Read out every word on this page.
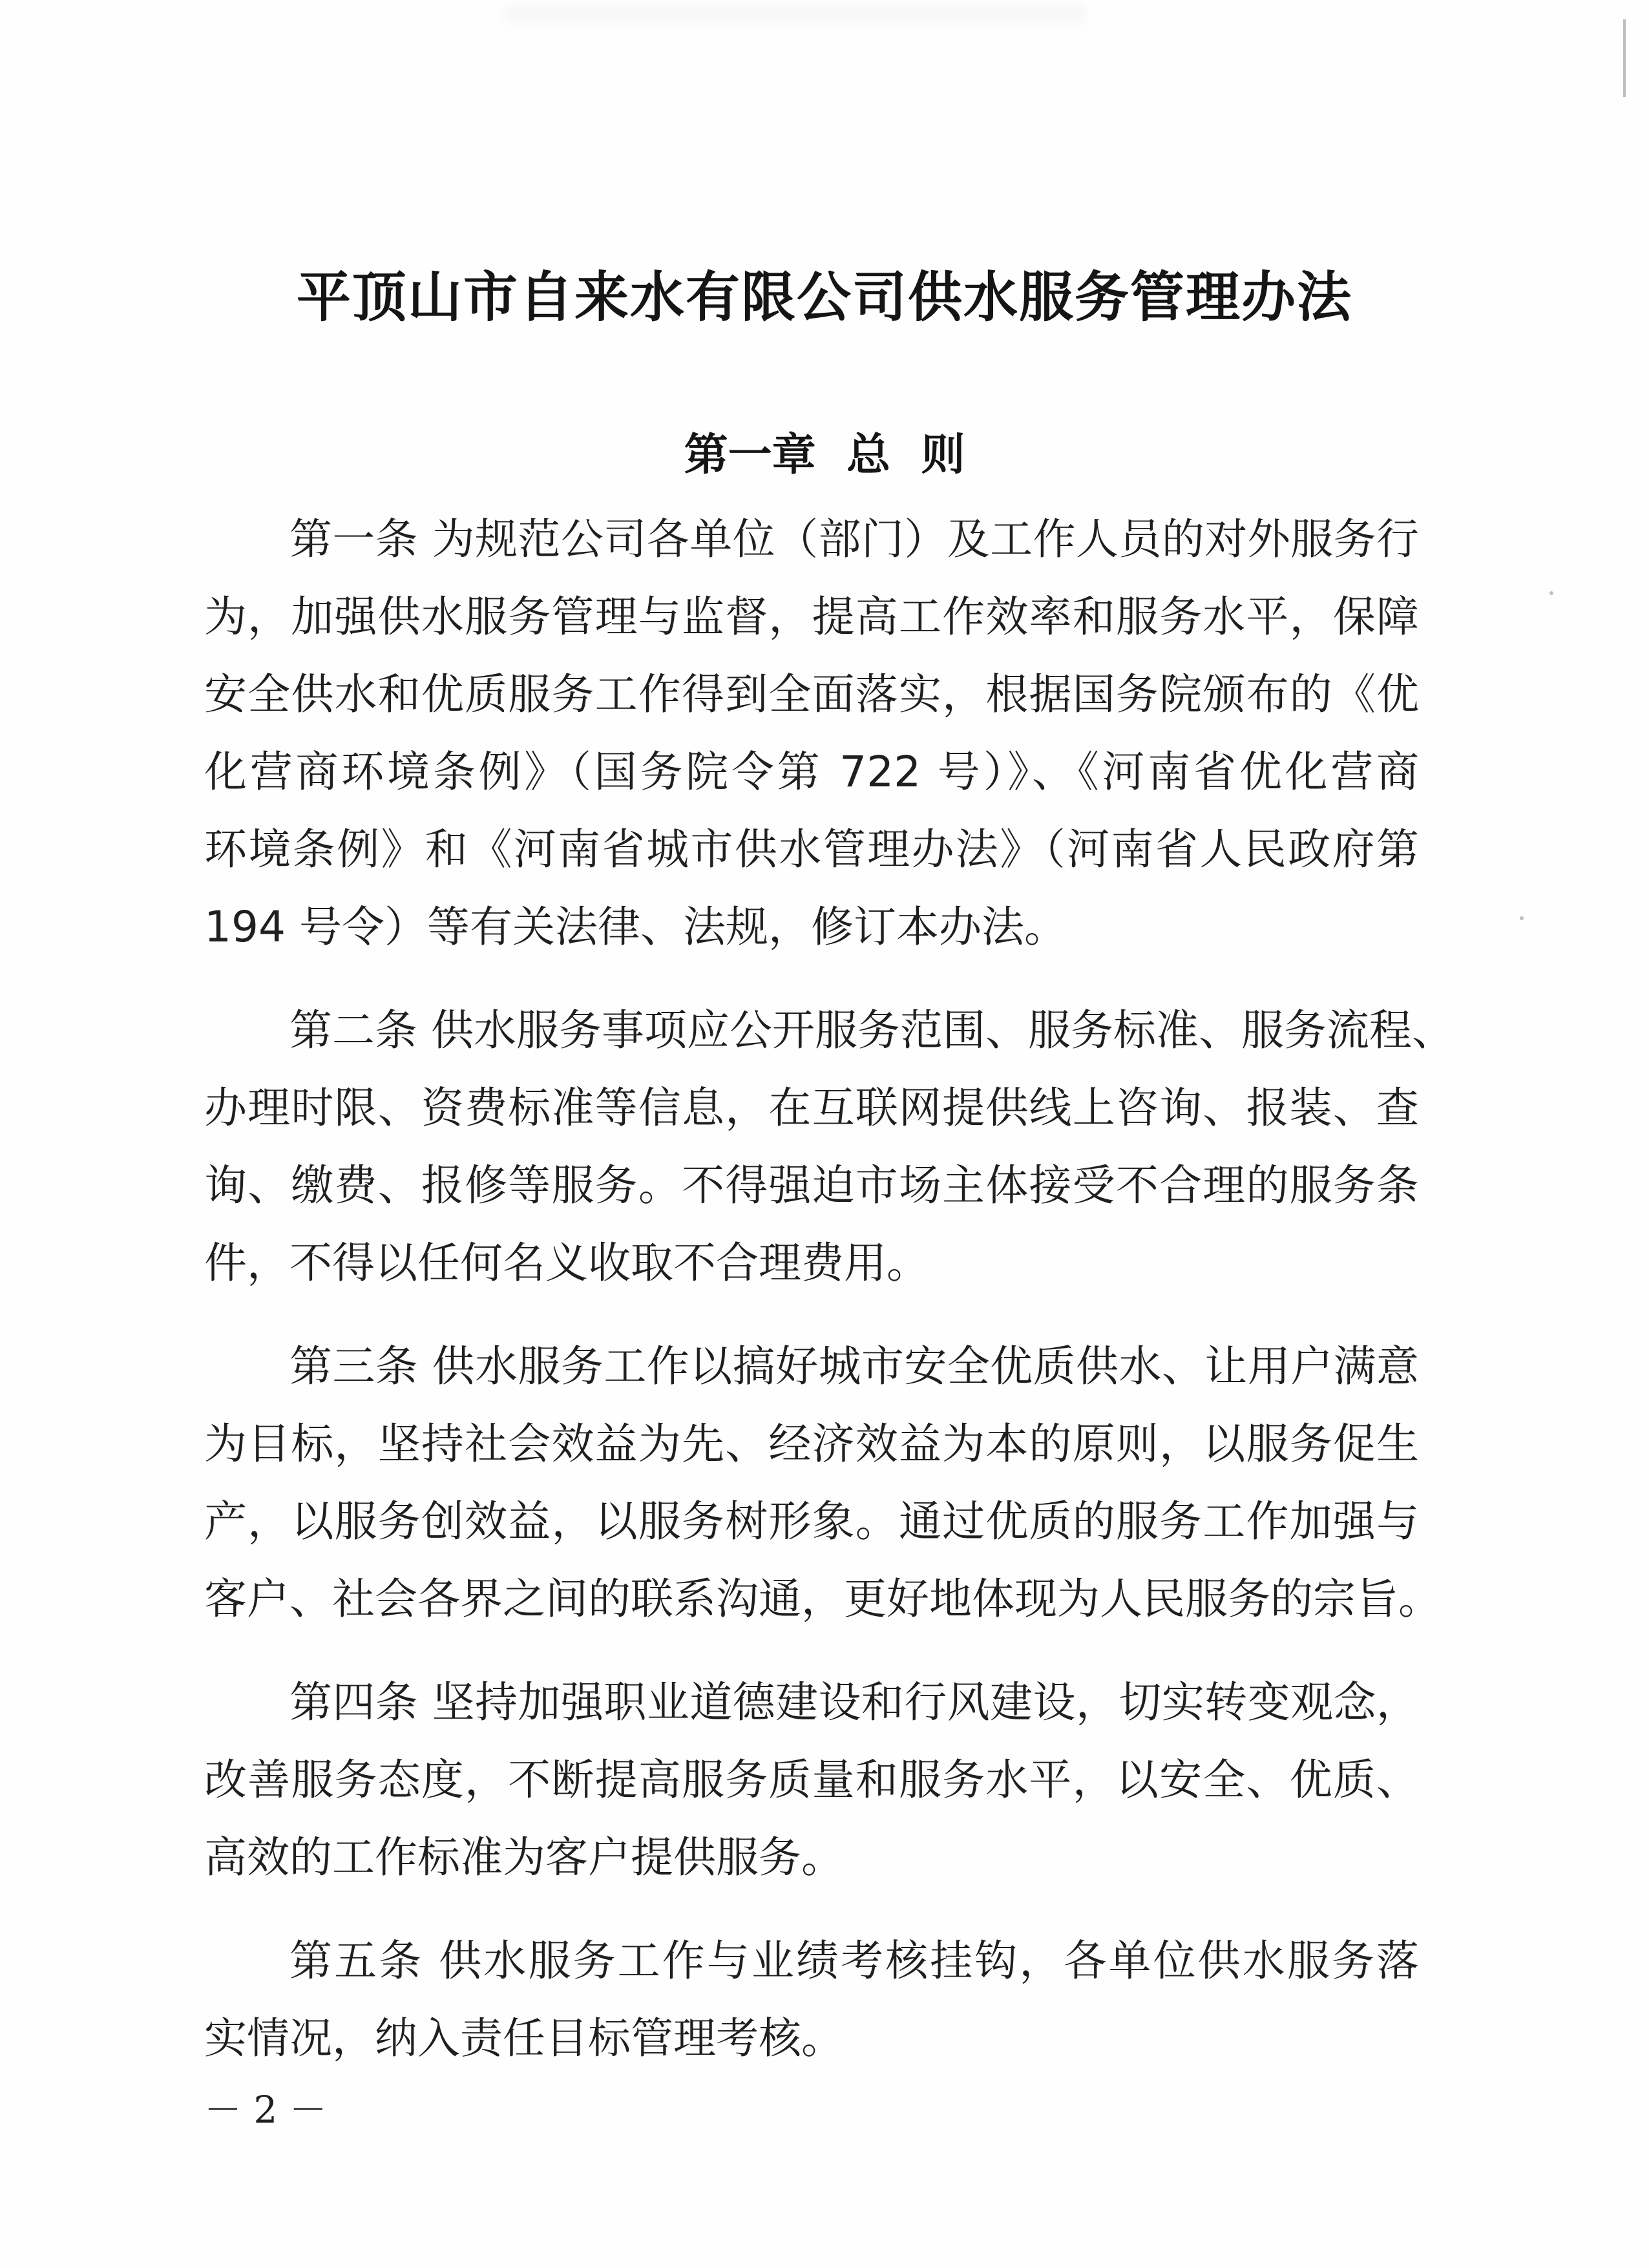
平顶山市自来水有限公司供水服务管理办法
第一章  总  则
第一条 为规范公司各单位（部门）及工作人员的对外服务行
为，加强供水服务管理与监督，提高工作效率和服务水平，保障
安全供水和优质服务工作得到全面落实，根据国务院颁布的《优
化营商环境条例》（国务院令第 722 号）》、《河南省优化营商
环境条例》和《河南省城市供水管理办法》（河南省人民政府第
194 号令）等有关法律、法规，修订本办法。
第二条 供水服务事项应公开服务范围、服务标准、服务流程、
办理时限、资费标准等信息，在互联网提供线上咨询、报装、查
询、缴费、报修等服务。不得强迫市场主体接受不合理的服务条
件，不得以任何名义收取不合理费用。
第三条 供水服务工作以搞好城市安全优质供水、让用户满意
为目标，坚持社会效益为先、经济效益为本的原则，以服务促生
产，以服务创效益，以服务树形象。通过优质的服务工作加强与
客户、社会各界之间的联系沟通，更好地体现为人民服务的宗旨。
第四条 坚持加强职业道德建设和行风建设，切实转变观念，
改善服务态度，不断提高服务质量和服务水平，以安全、优质、
高效的工作标准为客户提供服务。
第五条 供水服务工作与业绩考核挂钩，各单位供水服务落
实情况，纳入责任目标管理考核。
－ 2 －
